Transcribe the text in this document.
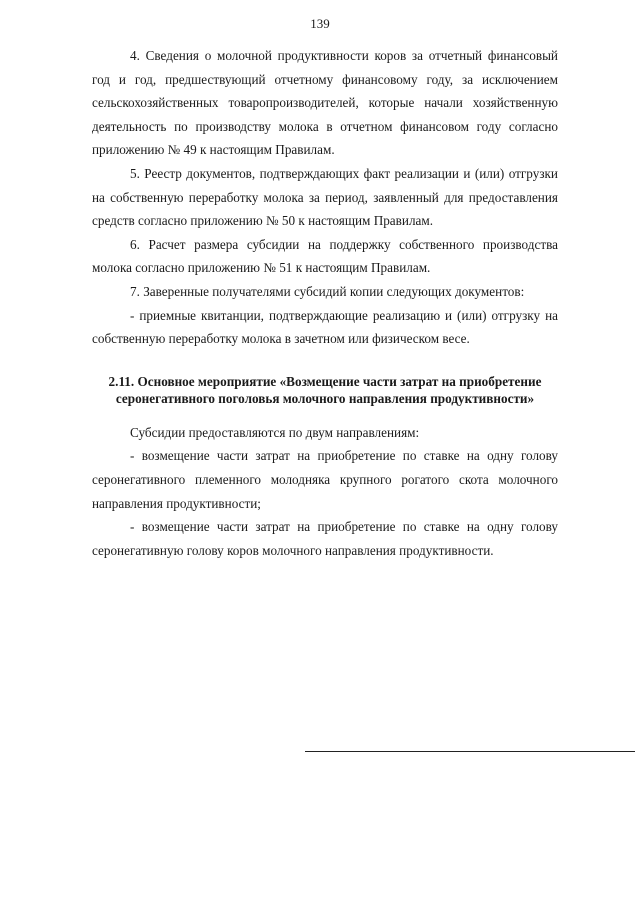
139

4. Сведения о молочной продуктивности коров за отчетный финансовый год и год, предшествующий отчетному финансовому году, за исключением сельскохозяйственных товаропроизводителей, которые начали хозяйственную деятельность по производству молока в отчетном финансовом году согласно приложению № 49 к настоящим Правилам.

5. Реестр документов, подтверждающих факт реализации и (или) отгрузки на собственную переработку молока за период, заявленный для предоставления средств согласно приложению № 50 к настоящим Правилам.

6. Расчет размера субсидии на поддержку собственного производства молока согласно приложению № 51 к настоящим Правилам.

7. Заверенные получателями субсидий копии следующих документов:

- приемные квитанции, подтверждающие реализацию и (или) отгрузку на собственную переработку молока в зачетном или физическом весе.

2.11. Основное мероприятие «Возмещение части затрат на приобретение серонегативного поголовья молочного направления продуктивности»

Субсидии предоставляются по двум направлениям:

- возмещение части затрат на приобретение по ставке на одну голову серонегативного племенного молодняка крупного рогатого скота молочного направления продуктивности;

- возмещение части затрат на приобретение по ставке на одну голову серонегативную голову коров молочного направления продуктивности.
